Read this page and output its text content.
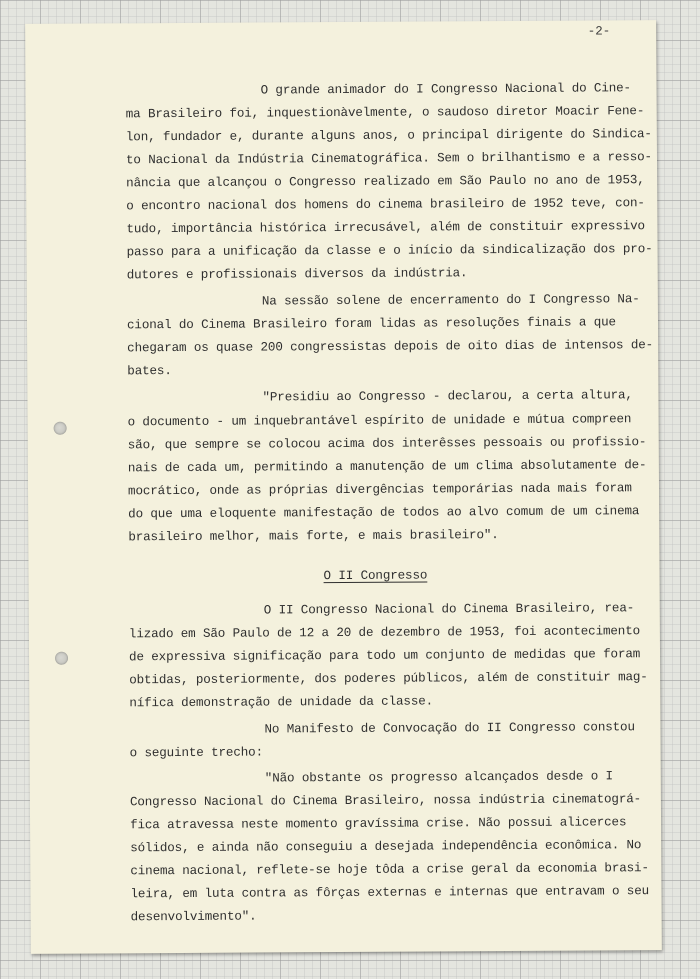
-2-
O grande animador do I Congresso Nacional do Cine-
ma Brasileiro foi, inquestionàvelmente, o saudoso diretor Moacir Fene-
lon, fundador e, durante alguns anos, o principal dirigente do Sindica-
to Nacional da Indústria Cinematográfica. Sem o brilhantismo e a resso-
nância que alcançou o Congresso realizado em São Paulo no ano de 1953,
o encontro nacional dos homens do cinema brasileiro de 1952 teve, con-
tudo, importância histórica irrecusável, além de constituir expressivo
passo para a unificação da classe e o início da sindicalização dos pro-
dutores e profissionais diversos da indústria.
Na sessão solene de encerramento do I Congresso Na-
cional do Cinema Brasileiro foram lidas as resoluções finais a que
chegaram os quase 200 congressistas depois de oito dias de intensos de-
bates.
"Presidiu ao Congresso - declarou, a certa altura,
o documento - um inquebrantável espírito de unidade e mútua compreen
são, que sempre se colocou acima dos interêsses pessoais ou profissio-
nais de cada um, permitindo a manutenção de um clima absolutamente de-
mocrático, onde as próprias divergências temporárias nada mais foram
do que uma eloquente manifestação de todos ao alvo comum de um cinema
brasileiro melhor, mais forte, e mais brasileiro".
O II Congresso
O II Congresso Nacional do Cinema Brasileiro, rea-
lizado em São Paulo de 12 a 20 de dezembro de 1953, foi acontecimento
de expressiva significação para todo um conjunto de medidas que foram
obtidas, posteriormente, dos poderes públicos, além de constituir mag-
nífica demonstração de unidade da classe.
No Manifesto de Convocação do II Congresso constou
o seguinte trecho:
"Não obstante os progresso alcançados desde o I
Congresso Nacional do Cinema Brasileiro, nossa indústria cinematográ-
fica atravessa neste momento gravíssima crise. Não possui alicerces
sólidos, e ainda não conseguiu a desejada independência econômica. No
cinema nacional, reflete-se hoje tôda a crise geral da economia brasi-
leira, em luta contra as fôrças externas e internas que entravam o seu
desenvolvimento".
